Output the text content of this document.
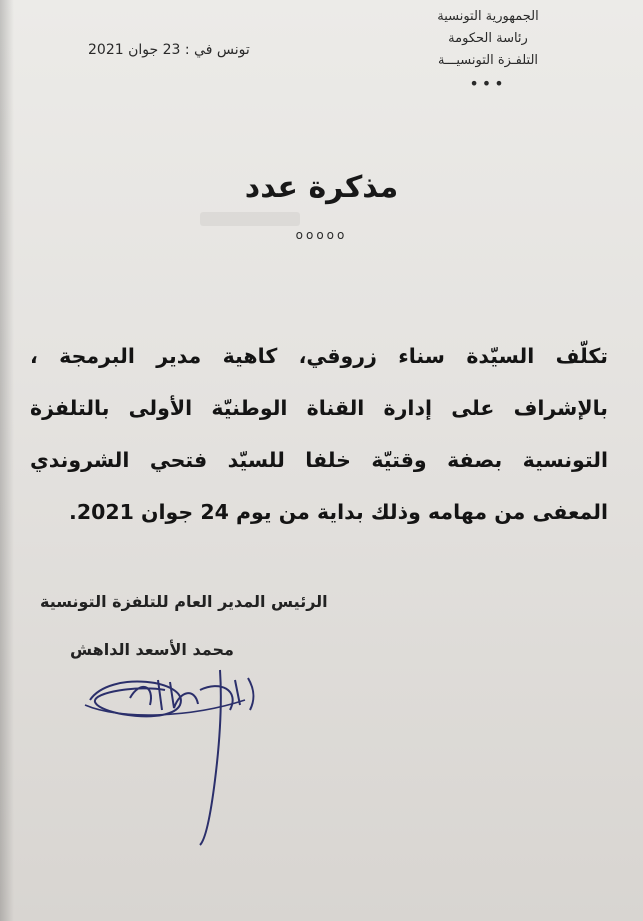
الجمهورية التونسية
رئاسة الحكومة
التلفـزة التونسيـــة
•••
تونس في : 23 جوان 2021
مذكرة عدد
ooooo
تكلّف السيّدة سناء زروقي، كاهية مدير البرمجة ، بالإشراف على إدارة القناة الوطنيّة الأولى بالتلفزة التونسية بصفة وقتيّة خلفا للسيّد فتحي الشروندي المعفى من مهامه وذلك بداية من يوم 24 جوان 2021.
الرئيس المدير العام للتلفزة التونسية
محمد الأسعد الداهش
